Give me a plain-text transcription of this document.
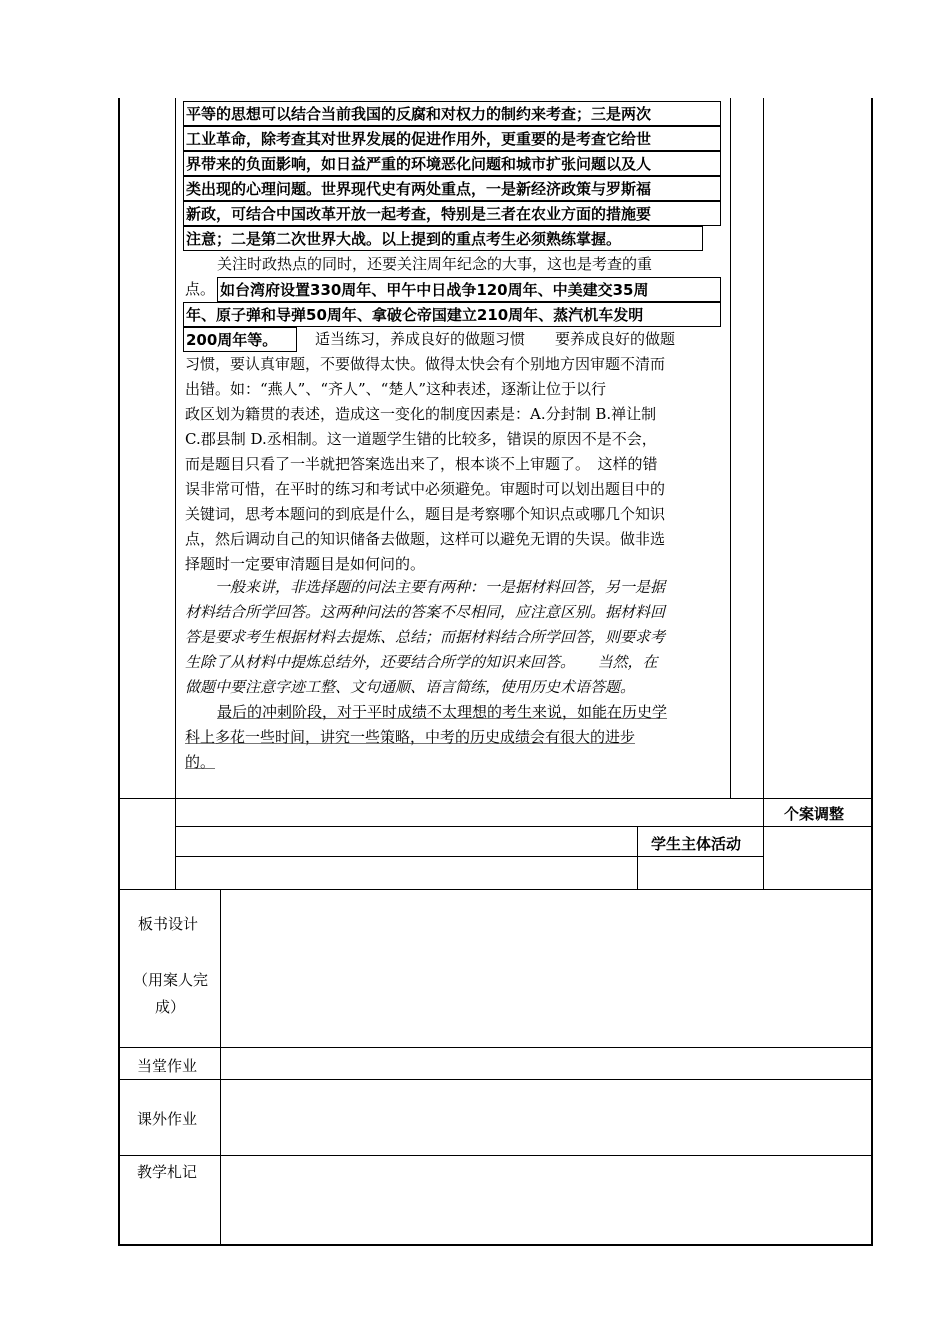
平等的思想可以结合当前我国的反腐和对权力的制约来考查；三是两次
工业革命，除考查其对世界发展的促进作用外，更重要的是考查它给世
界带来的负面影响，如日益严重的环境恶化问题和城市扩张问题以及人
类出现的心理问题。世界现代史有两处重点，一是新经济政策与罗斯福
新政，可结合中国改革开放一起考查，特别是三者在农业方面的措施要
注意；二是第二次世界大战。以上提到的重点考生必须熟练掌握。
关注时政热点的同时，还要关注周年纪念的大事，这也是考查的重
点。 如台湾府设置330周年、甲午中日战争120周年、中美建交35周
年、原子弹和导弹50周年、拿破仑帝国建立210周年、蒸汽机车发明
200周年等。	适当练习，养成良好的做题习惯　　要养成良好的做题
习惯，要认真审题，不要做得太快。做得太快会有个别地方因审题不清而
出错。如：“燕人”、“齐人”、“楚人”这种表述，逐渐让位于以行
政区划为籍贯的表述，造成这一变化的制度因素是：A.分封制 B.禅让制
C.郡县制 D.丞相制。这一道题学生错的比较多，错误的原因不是不会，
而是题目只看了一半就把答案选出来了，根本谈不上审题了。　这样的错
误非常可惜，在平时的练习和考试中必须避免。审题时可以划出题目中的
关键词，思考本题问的到底是什么，题目是考察哪个知识点或哪几个知识
点，然后调动自己的知识储备去做题，这样可以避免无谓的失误。做非选
择题时一定要审清题目是如何问的。
　　一般来讲，非选择题的问法主要有两种：一是据材料回答，另一是据
材料结合所学回答。这两种问法的答案不尽相同，应注意区别。据材料回
答是要求考生根据材料去提炼、总结；而据材料结合所学回答，则要求考
生除了从材料中提炼总结外，还要结合所学的知识来回答。　　当然，在
做题中要注意字迹工整、文句通顺、语言简练，使用历史术语答题。
最后的冲刺阶段，对于平时成绩不太理想的考生来说，如能在历史学
科上多花一些时间，讲究一些策略，中考的历史成绩会有很大的进步
的。
个案调整
学生主体活动
板书设计
（用案人完
成）
当堂作业
课外作业
教学札记
